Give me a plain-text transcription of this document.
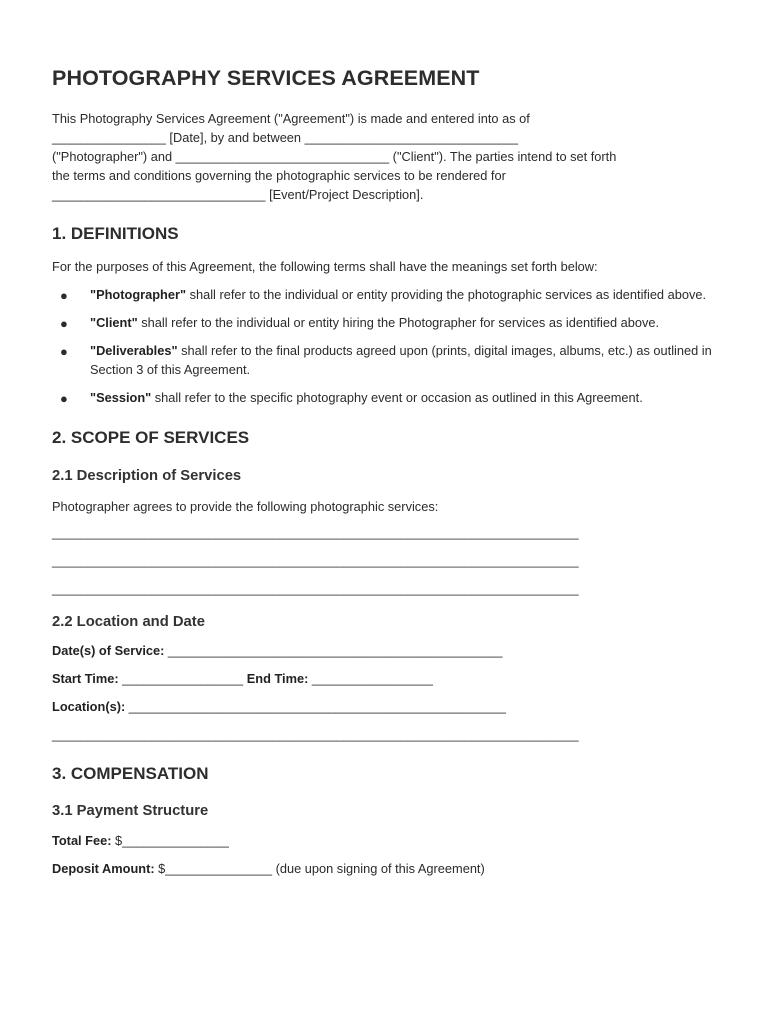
PHOTOGRAPHY SERVICES AGREEMENT

This Photography Services Agreement ("Agreement") is made and entered into as of
________________ [Date], by and between ______________________________
("Photographer") and ______________________________ ("Client"). The parties intend to set forth
the terms and conditions governing the photographic services to be rendered for
______________________________ [Event/Project Description].

1. DEFINITIONS

For the purposes of this Agreement, the following terms shall have the meanings set forth below:

● "Photographer" shall refer to the individual or entity providing the photographic services as identified above.
● "Client" shall refer to the individual or entity hiring the Photographer for services as identified above.
● "Deliverables" shall refer to the final products agreed upon (prints, digital images, albums, etc.) as outlined in Section 3 of this Agreement.
● "Session" shall refer to the specific photography event or occasion as outlined in this Agreement.
2. SCOPE OF SERVICES
2.1 Description of Services

Photographer agrees to provide the following photographic services:

__________________________________________________________________________

__________________________________________________________________________

__________________________________________________________________________

2.2 Location and Date

Date(s) of Service: _______________________________________________

Start Time: _________________ End Time: _________________

Location(s): _____________________________________________________

__________________________________________________________________________

3. COMPENSATION
3.1 Payment Structure

Total Fee: $_______________

Deposit Amount: $_______________ (due upon signing of this Agreement)
